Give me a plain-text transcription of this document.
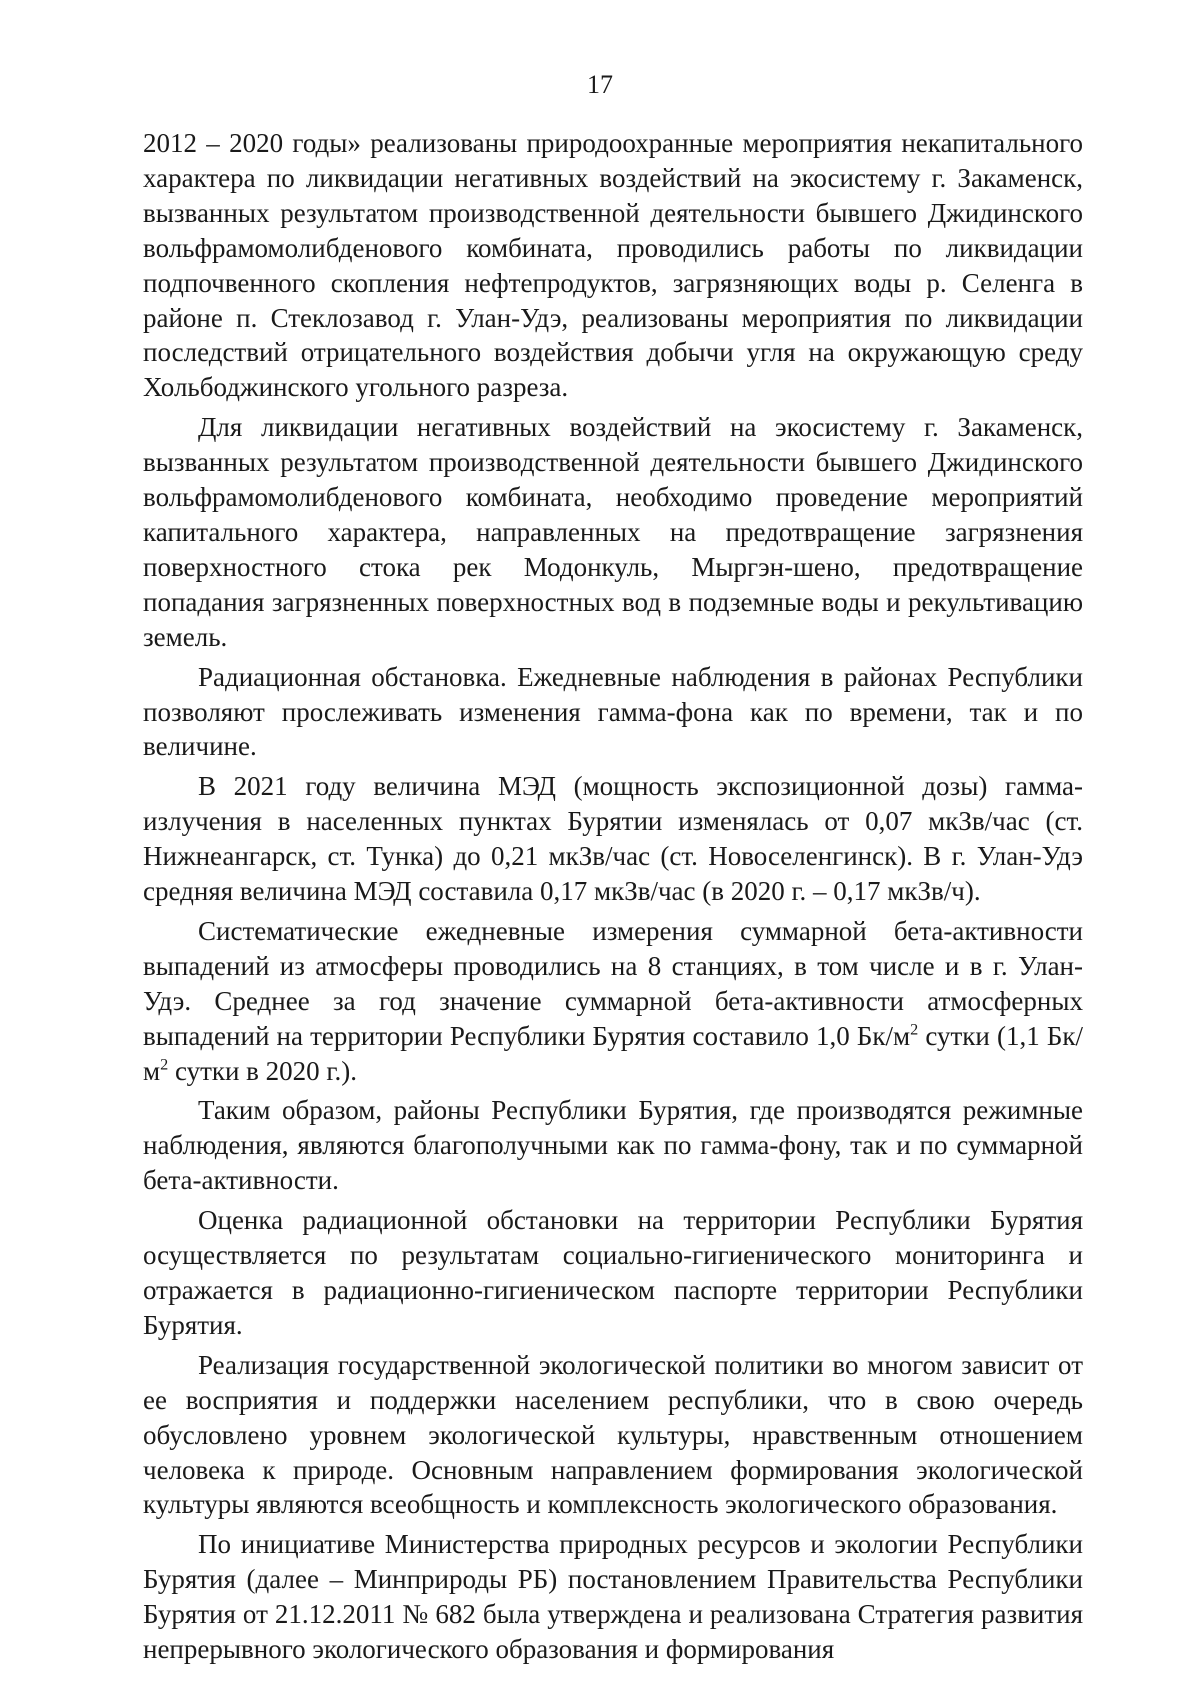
17

2012 – 2020 годы» реализованы природоохранные мероприятия некапитального характера по ликвидации негативных воздействий на экосистему г. Закаменск, вызванных результатом производственной деятельности бывшего Джидинского вольфрамомолибденового комбината, проводились работы по ликвидации подпочвенного скопления нефтепродуктов, загрязняющих воды р. Селенга в районе п. Стеклозавод г. Улан-Удэ, реализованы мероприятия по ликвидации последствий отрицательного воздействия добычи угля на окружающую среду Хольбоджинского угольного разреза.

Для ликвидации негативных воздействий на экосистему г. Закаменск, вызванных результатом производственной деятельности бывшего Джидинского вольфрамомолибденового комбината, необходимо проведение мероприятий капитального характера, направленных на предотвращение загрязнения поверхностного стока рек Модонкуль, Мыргэн-шено, предотвращение попадания загрязненных поверхностных вод в подземные воды и рекультивацию земель.

Радиационная обстановка. Ежедневные наблюдения в районах Республики позволяют прослеживать изменения гамма-фона как по времени, так и по величине.

В 2021 году величина МЭД (мощность экспозиционной дозы) гамма-излучения в населенных пунктах Бурятии изменялась от 0,07 мкЗв/час (ст. Нижнеангарск, ст. Тунка) до 0,21 мкЗв/час (ст. Новоселенгинск). В г. Улан-Удэ средняя величина МЭД составила 0,17 мкЗв/час (в 2020 г. – 0,17 мкЗв/ч).

Систематические ежедневные измерения суммарной бета-активности выпадений из атмосферы проводились на 8 станциях, в том числе и в г. Улан-Удэ. Среднее за год значение суммарной бета-активности атмосферных выпадений на территории Республики Бурятия составило 1,0 $Бк/м^2$ сутки (1,1 $Бк/м^2$ сутки в 2020 г.).

Таким образом, районы Республики Бурятия, где производятся режимные наблюдения, являются благополучными как по гамма-фону, так и по суммарной бета-активности.

Оценка радиационной обстановки на территории Республики Бурятия осуществляется по результатам социально-гигиенического мониторинга и отражается в радиационно-гигиеническом паспорте территории Республики Бурятия.

Реализация государственной экологической политики во многом зависит от ее восприятия и поддержки населением республики, что в свою очередь обусловлено уровнем экологической культуры, нравственным отношением человека к природе. Основным направлением формирования экологической культуры являются всеобщность и комплексность экологического образования.

По инициативе Министерства природных ресурсов и экологии Республики Бурятия (далее – Минприроды РБ) постановлением Правительства Республики Бурятия от 21.12.2011 № 682 была утверждена и реализована Стратегия развития непрерывного экологического образования и формирования
